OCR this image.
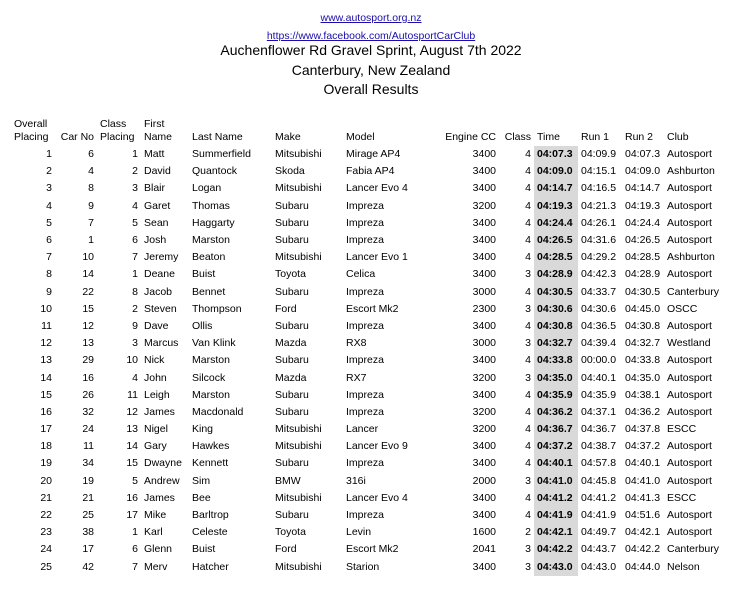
www.autosport.org.nz
https://www.facebook.com/AutosportCarClub
Auchenflower Rd Gravel Sprint, August 7th 2022
Canterbury, New Zealand
Overall Results
Overall
Placing	Car No	Class
Placing	First
Name	Last Name	Make	Model	Engine CC	Class	Time	Run 1	Run 2	Club
1	6	1	Matt	Summerfield	Mitsubishi	Mirage AP4	3400	4	04:07.3	04:09.9	04:07.3	Autosport
2	4	2	David	Quantock	Skoda	Fabia AP4	3400	4	04:09.0	04:15.1	04:09.0	Ashburton
3	8	3	Blair	Logan	Mitsubishi	Lancer Evo 4	3400	4	04:14.7	04:16.5	04:14.7	Autosport
4	9	4	Garet	Thomas	Subaru	Impreza	3200	4	04:19.3	04:21.3	04:19.3	Autosport
5	7	5	Sean	Haggarty	Subaru	Impreza	3400	4	04:24.4	04:26.1	04:24.4	Autosport
6	1	6	Josh	Marston	Subaru	Impreza	3400	4	04:26.5	04:31.6	04:26.5	Autosport
7	10	7	Jeremy	Beaton	Mitsubishi	Lancer Evo 1	3400	4	04:28.5	04:29.2	04:28.5	Ashburton
8	14	1	Deane	Buist	Toyota	Celica	3400	3	04:28.9	04:42.3	04:28.9	Autosport
9	22	8	Jacob	Bennet	Subaru	Impreza	3000	4	04:30.5	04:33.7	04:30.5	Canterbury
10	15	2	Steven	Thompson	Ford	Escort Mk2	2300	3	04:30.6	04:30.6	04:45.0	OSCC
11	12	9	Dave	Ollis	Subaru	Impreza	3400	4	04:30.8	04:36.5	04:30.8	Autosport
12	13	3	Marcus	Van Klink	Mazda	RX8	3000	3	04:32.7	04:39.4	04:32.7	Westland
13	29	10	Nick	Marston	Subaru	Impreza	3400	4	04:33.8	00:00.0	04:33.8	Autosport
14	16	4	John	Silcock	Mazda	RX7	3200	3	04:35.0	04:40.1	04:35.0	Autosport
15	26	11	Leigh	Marston	Subaru	Impreza	3400	4	04:35.9	04:35.9	04:38.1	Autosport
16	32	12	James	Macdonald	Subaru	Impreza	3200	4	04:36.2	04:37.1	04:36.2	Autosport
17	24	13	Nigel	King	Mitsubishi	Lancer	3200	4	04:36.7	04:36.7	04:37.8	ESCC
18	11	14	Gary	Hawkes	Mitsubishi	Lancer Evo 9	3400	4	04:37.2	04:38.7	04:37.2	Autosport
19	34	15	Dwayne	Kennett	Subaru	Impreza	3400	4	04:40.1	04:57.8	04:40.1	Autosport
20	19	5	Andrew	Sim	BMW	316i	2000	3	04:41.0	04:45.8	04:41.0	Autosport
21	21	16	James	Bee	Mitsubishi	Lancer Evo 4	3400	4	04:41.2	04:41.2	04:41.3	ESCC
22	25	17	Mike	Barltrop	Subaru	Impreza	3400	4	04:41.9	04:41.9	04:51.6	Autosport
23	38	1	Karl	Celeste	Toyota	Levin	1600	2	04:42.1	04:49.7	04:42.1	Autosport
24	17	6	Glenn	Buist	Ford	Escort Mk2	2041	3	04:42.2	04:43.7	04:42.2	Canterbury
25	42	7	Merv	Hatcher	Mitsubishi	Starion	3400	3	04:43.0	04:43.0	04:44.0	Nelson
